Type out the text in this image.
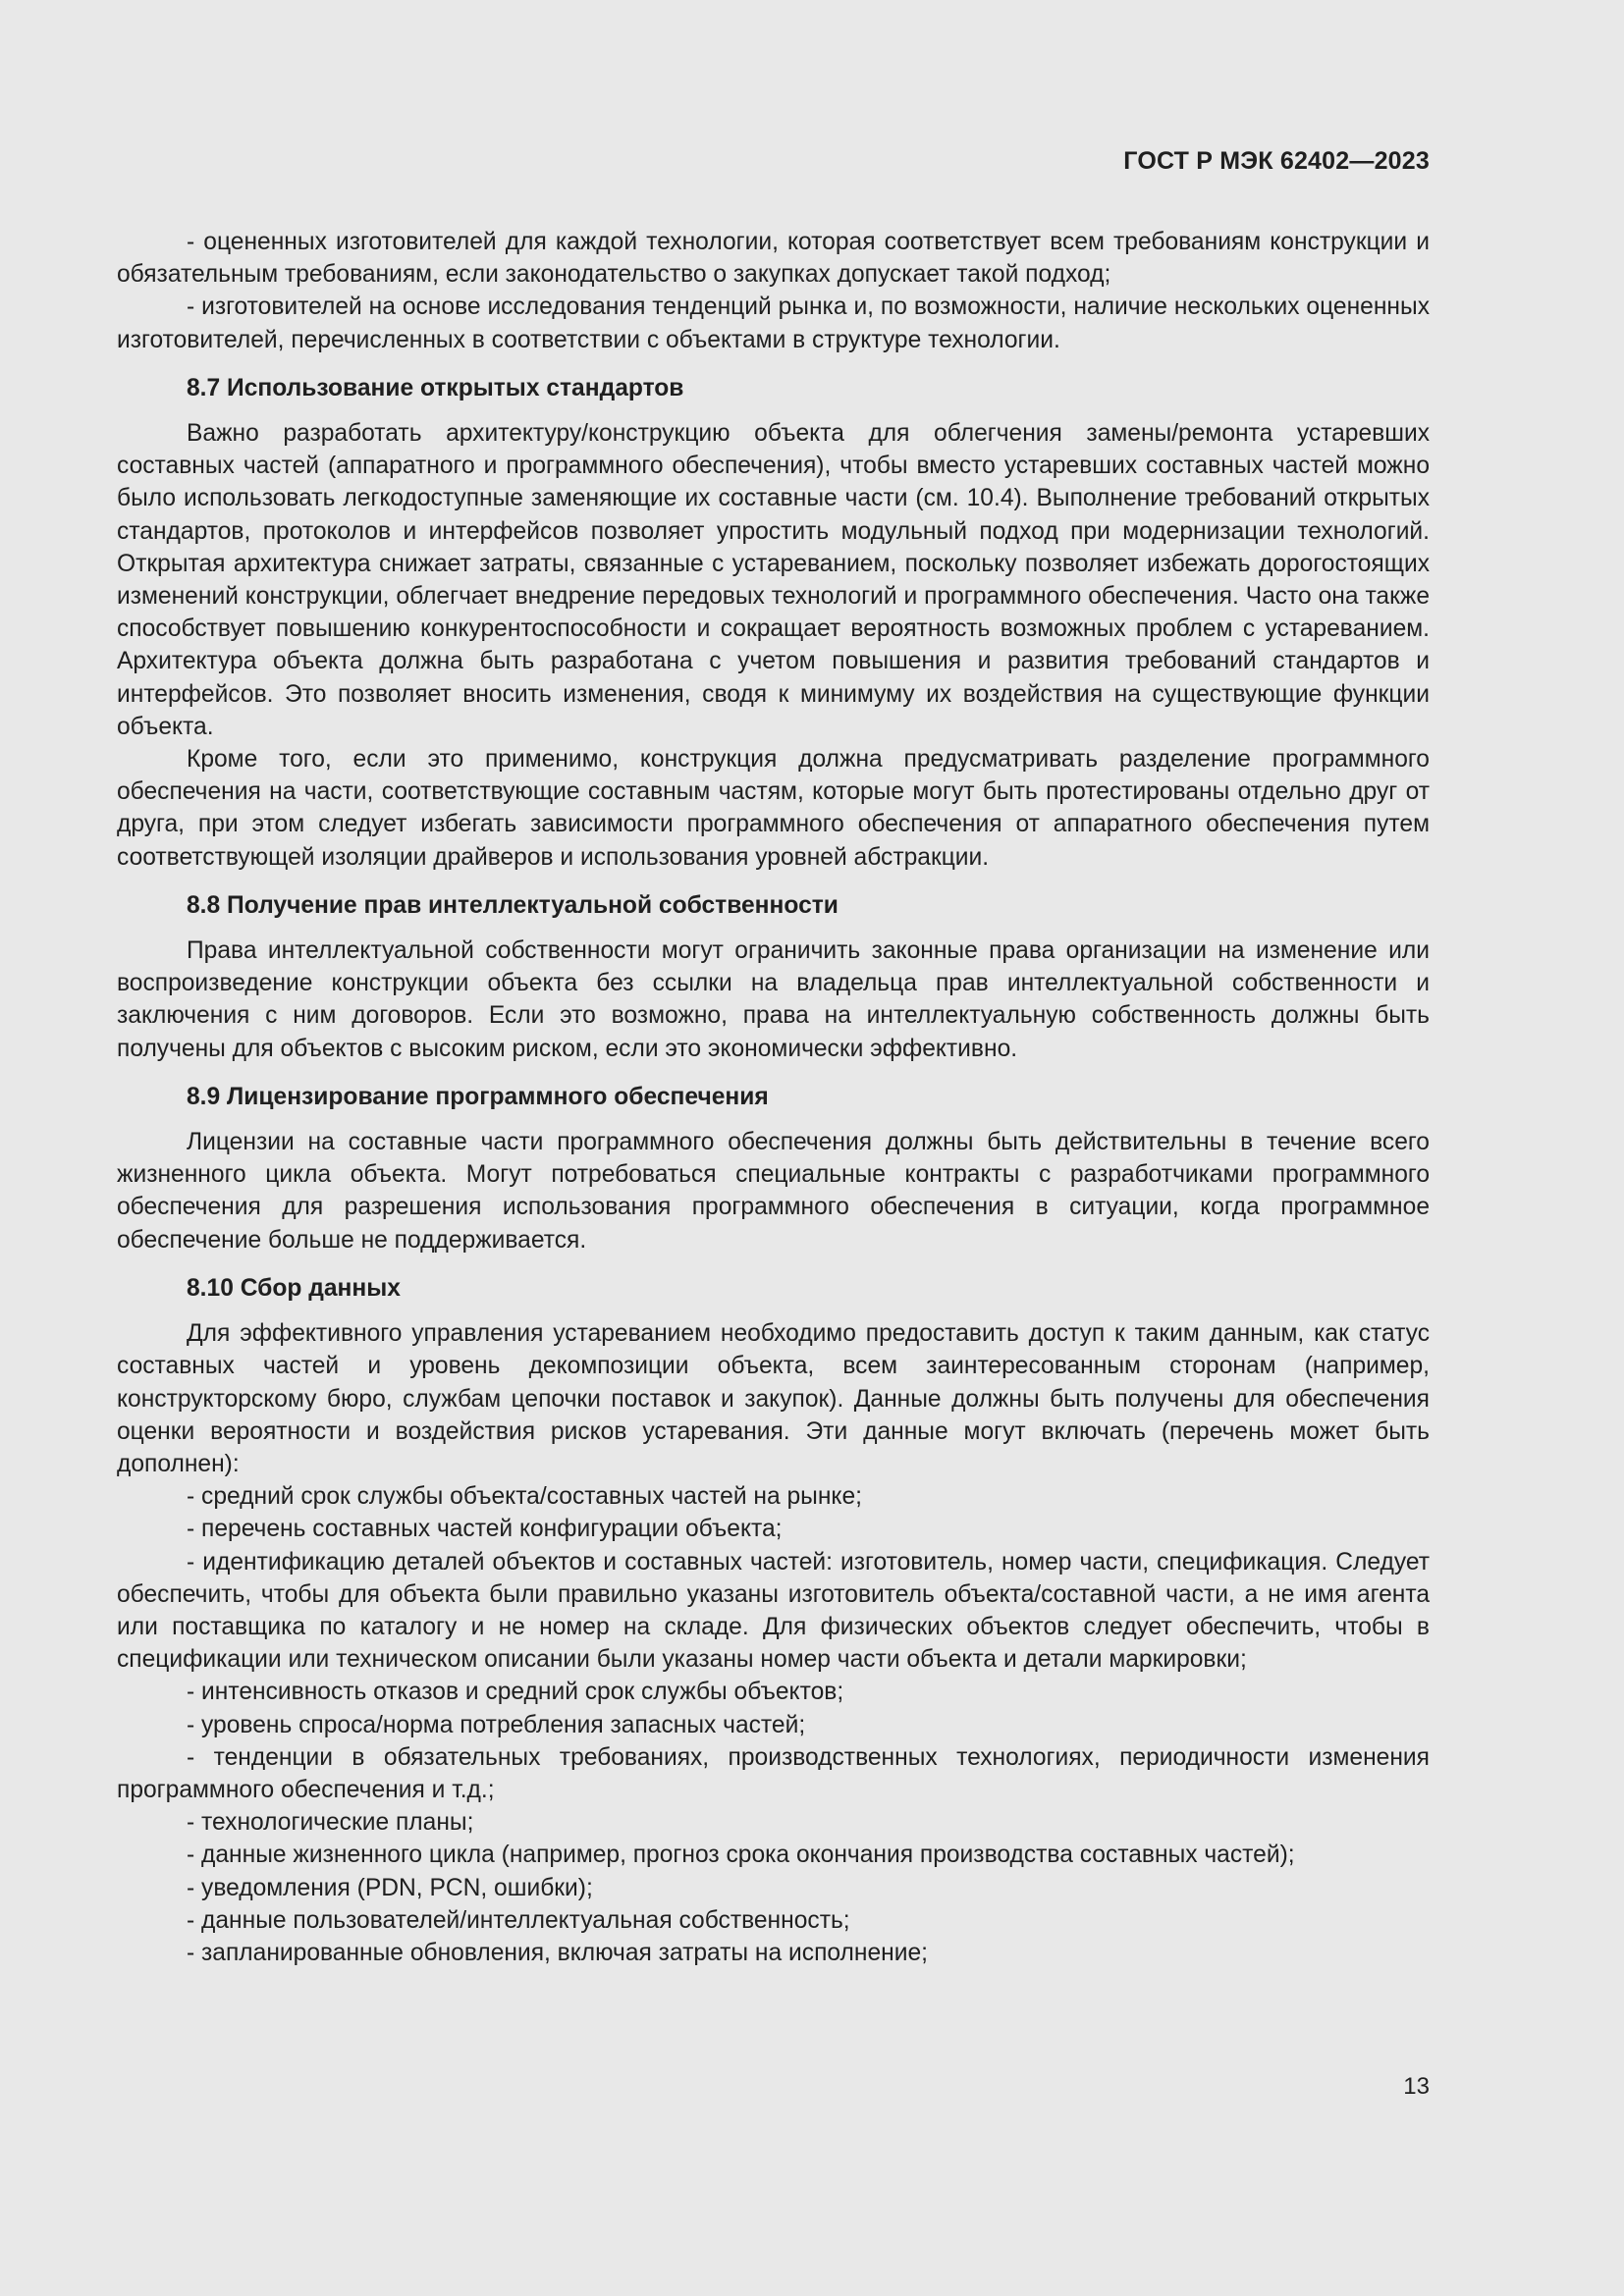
ГОСТ Р МЭК 62402—2023

- оцененных изготовителей для каждой технологии, которая соответствует всем требованиям конструкции и обязательным требованиям, если законодательство о закупках допускает такой подход;

- изготовителей на основе исследования тенденций рынка и, по возможности, наличие нескольких оцененных изготовителей, перечисленных в соответствии с объектами в структуре технологии.

8.7 Использование открытых стандартов

Важно разработать архитектуру/конструкцию объекта для облегчения замены/ремонта устаревших составных частей (аппаратного и программного обеспечения), чтобы вместо устаревших составных частей можно было использовать легкодоступные заменяющие их составные части (см. 10.4). Выполнение требований открытых стандартов, протоколов и интерфейсов позволяет упростить модульный подход при модернизации технологий. Открытая архитектура снижает затраты, связанные с устареванием, поскольку позволяет избежать дорогостоящих изменений конструкции, облегчает внедрение передовых технологий и программного обеспечения. Часто она также способствует повышению конкурентоспособности и сокращает вероятность возможных проблем с устареванием. Архитектура объекта должна быть разработана с учетом повышения и развития требований стандартов и интерфейсов. Это позволяет вносить изменения, сводя к минимуму их воздействия на существующие функции объекта.

Кроме того, если это применимо, конструкция должна предусматривать разделение программного обеспечения на части, соответствующие составным частям, которые могут быть протестированы отдельно друг от друга, при этом следует избегать зависимости программного обеспечения от аппаратного обеспечения путем соответствующей изоляции драйверов и использования уровней абстракции.

8.8 Получение прав интеллектуальной собственности

Права интеллектуальной собственности могут ограничить законные права организации на изменение или воспроизведение конструкции объекта без ссылки на владельца прав интеллектуальной собственности и заключения с ним договоров. Если это возможно, права на интеллектуальную собственность должны быть получены для объектов с высоким риском, если это экономически эффективно.

8.9 Лицензирование программного обеспечения

Лицензии на составные части программного обеспечения должны быть действительны в течение всего жизненного цикла объекта. Могут потребоваться специальные контракты с разработчиками программного обеспечения для разрешения использования программного обеспечения в ситуации, когда программное обеспечение больше не поддерживается.

8.10 Сбор данных

Для эффективного управления устареванием необходимо предоставить доступ к таким данным, как статус составных частей и уровень декомпозиции объекта, всем заинтересованным сторонам (например, конструкторскому бюро, службам цепочки поставок и закупок). Данные должны быть получены для обеспечения оценки вероятности и воздействия рисков устаревания. Эти данные могут включать (перечень может быть дополнен):

- средний срок службы объекта/составных частей на рынке;

- перечень составных частей конфигурации объекта;

- идентификацию деталей объектов и составных частей: изготовитель, номер части, спецификация. Следует обеспечить, чтобы для объекта были правильно указаны изготовитель объекта/составной части, а не имя агента или поставщика по каталогу и не номер на складе. Для физических объектов следует обеспечить, чтобы в спецификации или техническом описании были указаны номер части объекта и детали маркировки;

- интенсивность отказов и средний срок службы объектов;

- уровень спроса/норма потребления запасных частей;

- тенденции в обязательных требованиях, производственных технологиях, периодичности изменения программного обеспечения и т.д.;

- технологические планы;

- данные жизненного цикла (например, прогноз срока окончания производства составных частей);

- уведомления (PDN, PCN, ошибки);

- данные пользователей/интеллектуальная собственность;

- запланированные обновления, включая затраты на исполнение;

13
